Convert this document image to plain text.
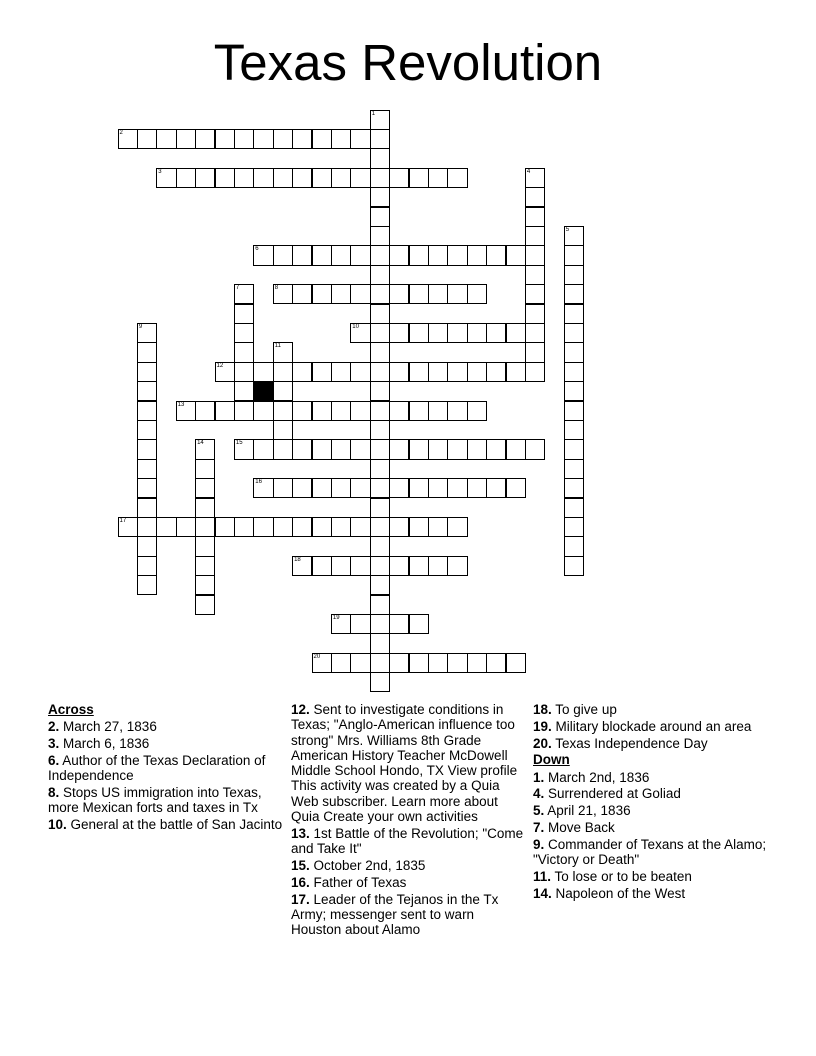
Texas Revolution
2
3
6
8
10
12
13
15
16
17
18
19
20
1
4
5
7
9
11
14
Across
2. March 27, 1836
3. March 6, 1836
6. Author of the Texas Declaration of Independence
8. Stops US immigration into Texas, more Mexican forts and taxes in Tx
10. General at the battle of San Jacinto
12. Sent to investigate conditions in Texas; "Anglo-American influence too strong" Mrs. Williams 8th Grade American History Teacher McDowell Middle School Hondo, TX View profile This activity was created by a Quia Web subscriber. Learn more about Quia Create your own activities
13. 1st Battle of the Revolution; "Come and Take It"
15. October 2nd, 1835
16. Father of Texas
17. Leader of the Tejanos in the Tx Army; messenger sent to warn Houston about Alamo
18. To give up
19. Military blockade around an area
20. Texas Independence Day
Down
1. March 2nd, 1836
4. Surrendered at Goliad
5. April 21, 1836
7. Move Back
9. Commander of Texans at the Alamo; "Victory or Death"
11. To lose or to be beaten
14. Napoleon of the West
